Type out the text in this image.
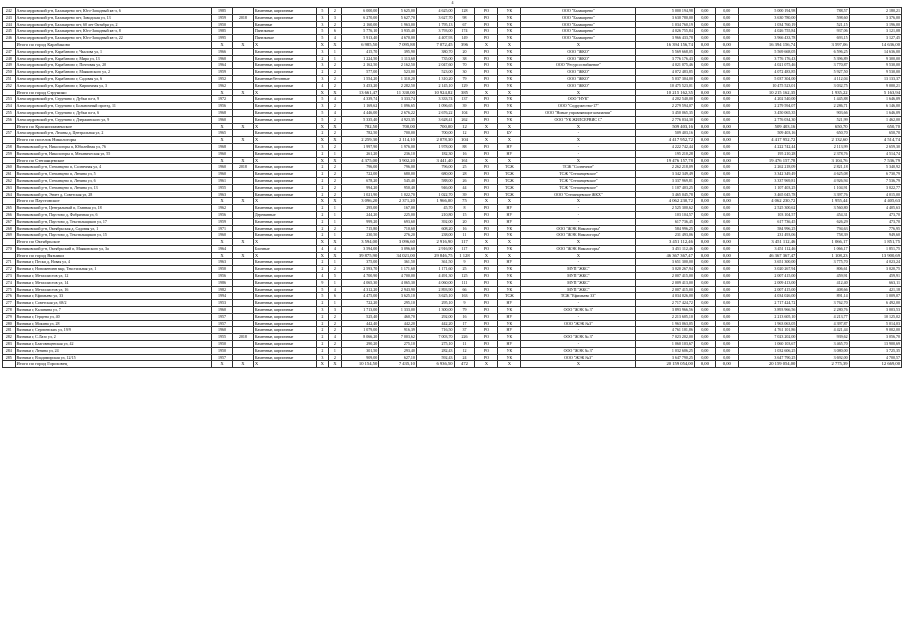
4
242	Александровский р-н, Балакирево пгт, Юго-Западный кв-л, 6	1985		Каменные, кирпичные	5	2	6 000,00	5 625,00	4 625,00	128	РО	УК	ООО "Балакирево"	5 000 194,98	0,00	0,00	5 000 194,98	788,57	2 180,21
243	Александровский р-н, Балакирево пгт, Заводская ул, 13	1959	2018	Каменные, кирпичные	3	3	6 270,00	5 627,70	3 627,70	98	РО	УК	ООО "Балакирево"	3 630 780,00	0,00	0,00	3 630 780,00	598,60	3 376,00
244	Александровский р-н, Балакирево пгт, 60 лет Октября ул, 2	1950		Каменные	3	2	2 160,00	1 963,00	1 795,13	67	РО	УК	ООО "Балакирево"	1 034 760,19	0,00	0,00	1 034 760,19	521,15	3 196,00
245	Александровский р-н, Балакирево пгт, Юго-Западный кв-л, 8	1985		Панельные	5	6	5 776,10	3 935,40	3 793,00	174	РО	УК	ООО "Балакирево"	4 026 755,84	0,00	0,00	4 026 755,84	937,06	3 121,08
246	Александровский р-н, Балакирево пгт, Юго-Западный кв-л, 22	1995		Панельные	5	4	5 913,40	4 670,00	4 407,93	149	РО	УК	ООО "Балакирево"	3 966 433,78	0,00	0,00	3 966 433,78	693,15	3 127,45
	Итого по город Карабаново	X	X	X	X	X	6 985,50	7 095,88	7 072,45	396	X	X	X	16 394 156,74	0,00	0,00	16 394 156,74	3 597,06	14 636,00
247	Александровский р-н, Карабаново г, Чкалова ул, 1	1966		Каменные, кирпичные	3	1	415,70	395,90	380,70	20	РО	УК	ООО "ЖКО"	5 569 668,05	0,00	0,00	5 569 668,05	6 596,25	14 636,00
248	Александровский р-н, Карабаново г, Мира ул, 13	1960		Каменные, кирпичные	2	1	1 224,50	1 113,60	735,00	38	РО	УК	ООО "ЖКО"	3 776 176,43	0,00	0,00	3 776 176,43	5 396,89	9 300,00
249	Александровский р-н, Карабаново г, Почтовая ул, 20	1964		Каменные, кирпичные	3	2	2 162,50	2 162,50	2 047,60	70	РО	УК	ООО "Ресурсоснабжение"	4 021 075,46	0,00	0,00	4 021 075,46	3 770,87	9 530,00
250	Александровский р-н, Карабаново г, Маяковского ул, 2	1959		Каменные, кирпичные	2	2	577,00	523,00	523,00	30	РО	УК	ООО "ЖКО"	4 072 483,85	0,00	0,00	4 072 483,85	5 927,50	9 530,00
251	Александровский р-н, Карабаново г, Садовая ул, 6	1952		Каменные/бетонные	3	2	1 554,20	1 310,20	1 310,20	79	РО	УК	ООО "ЖКО"	5 037 304,00	0,00	0,00	5 037 304,00	4 112,04	13 133,37
252	Александровский р-н, Карабаново г, Кирпичная ул, 3	1962		Каменные, кирпичные	4	2	3 453,20	2 282,50	2 145,10	129	РО	УК	ООО "ЖКО"	10 475 523,01	0,00	0,00	10 475 523,01	3 032,75	9 000,21
	Итого по город Струнино	X	X	X	X	X	13 661,47	11 330,00	10 924,82	385	X	X	X	10 215 162,35	0,00	0,00	10 215 162,35	1 935,22	5 163,94
253	Александровский р-н, Струнино г, Дубки пл-а, 9	1972		Каменные, кирпичные	5	4	4 339,74	3 333,74	3 333,74	137	РО	УК	ООО "НУК"	4 202 540,00	0,00	0,00	4 202 540,00	1 445,88	1 646,09
254	Александровский р-н, Струнино г, Больничный проезд, 11	1956		Каменные, кирпичные	3	2	1 169,62	1 096,65	1 096,65	39	РО	УК	ООО "Содружество-17"	2 279 594,07	0,00	0,00	2 279 594,07	2 286,71	6 146,00
255	Александровский р-н, Струнино г, Дубки пл-а, 6	1968		Каменные, кирпичные	5	4	4 446,00	2 676,22	2 676,22	104	РО	УК	ООО "Новые управляющие компании"	3 450 065,35	0,00	0,00	3 450 065,35	903,66	1 646,09
256	Александровский р-н, Струнино г, Дзержинского ул, 9	1960		Каменные, кирпичные	5	2	5 335,40	4 923,35	3 628,41	262	РО	УК	ООО "УК ЖИЛСЕРВИС С"	2 776 034,30	0,00	0,00	2 776 034,30	521,99	1 462,00
	Итого по Краснопламенское	X	X	X	X	X	782,50	700,00	700,00	12	X	X	X	509 403,16	0,00	0,00	509 403,16	650,70	650,70
257	Александровский р-н, Лешны д, Центральная ул, 2	1965		Каменные, кирпичные	2	2	782,50	700,00	700,00	12	РО	БУ	-	509 403,16	0,00	0,00	509 403,16	650,70	650,70
	Итого по поселок Никологоры	X	X	X	X	X	2 259,30	2 114,10	2 078,30	104	X	X	X	4 417 952,72	0,00	0,00	4 417 952,72	2 132,60	4 514,74
258	Вязниковский р-н, Никологоры п, Юбилейная ул, 76	1968		Каменные, кирпичные	3	2	1 997,90	1 976,00	1 978,00	88	РО	НУ	-	4 222 742,44	0,00	0,00	4 222 742,44	2 113,99	2 659,30
259	Вязниковский р-н, Никологоры п, Механическая ул, 55	1960		Каменные, кирпичные	2	1	261,20	236,10	182,30	16	РО	НУ	-	195 210,28	0,00	0,00	195 210,28	2 378,76	4 514,74
	Итого по Степанцевское	X	X	X	X	X	4 375,00	3 902,20	3 441,40	161	X	X	X	19 476 157,78	0,00	0,00	19 476 157,78	3 104,76	7 536,79
260	Вязниковский р-н, Степанцево п, Солнечная ул, 4	1960	2018	Каменные, кирпичные	2	2	796,00	796,00	796,00	25	РО	ТСЖ	ТСЖ "Солнечное"	2 262 218,09	0,00	0,00	2 262 218,09	2 821,18	5 340,92
261	Вязниковский р-н, Степанцево п, Ленина ул, 5	1960		Каменные, кирпичные	2	2	722,00	680,00	680,00	28	РО	ТСЖ	ТСЖ "Степанцевское"	3 342 349,49	0,00	0,00	3 342 349,49	4 625,08	6 730,79
262	Вязниковский р-н, Степанцево п, Ленина ул, 6	1961		Каменные, кирпичные	2	2	678,20	545,40	588,00	26	РО	ТСЖ	ТСЖ "Степанцевское"	3 337 969,81	0,00	0,00	3 337 969,81	4 926,94	7 536,79
263	Вязниковский р-н, Степанцево п, Ленина ул, 13	1955		Каменные, кирпичные	2	2	994,20	950,40	946,00	44	РО	ТСЖ	ТСЖ "Степанцевское"	1 107 403,25	0,00	0,00	1 107 403,25	1 104,91	3 022,77
264	Вязниковский р-н, Этиет д, Советская ул, 28	1963		Каменные, кирпичные	2	2	1 021,90	1 022,70	1 022,70	39	РО	ТСЖ	ООО "Степанцевское ЖКХ"	3 465 045,78	0,00	0,00	3 465 045,78	3 397,76	4 015,00
	Итого по Паустовское	X	X	X	X	X	3 096,20	2 371,20	1 966,00	75	X	X	X	4 062 230,72	0,00	0,00	4 062 230,72	1 955,44	4 405,63
265	Вязниковский р-н, Центральный п, Главная ул, 18	1962		Каменные, кирпичные	2	1	295,00	167,00	45,70	8	РО	НУ	-	2 525 300,62	0,00	0,00	2 525 300,62	3 560,80	4 405,63
266	Вязниковский р-н, Паустово д, Фабричная ул, 6	1956		Деревянные	2	1	244,20	225,00	210,80	15	РО	НУ	-	103 104,57	0,00	0,00	103 104,57	454,31	473,70
267	Вязниковский р-н, Паустово д, Текстильщиков ул, 17	1959		Каменные, кирпичные	2	1	999,20	693,60	392,00	20	РО	НУ	-	617 736,45	0,00	0,00	617 736,45	626,29	473,70
268	Вязниковский р-н, Октябрьская д, Садовая ул, 1	1971		Каменные, кирпичные	2	2	715,80	710,60	608,20	16	РО	УК	ООО "ЖЭК Никологоры"	584 996,25	0,00	0,00	584 996,25	794,63	776,95
269	Вязниковский р-н, Паустово д, Текстильщиков ул, 15	1960		Каменные, кирпичные	2	1	230,50	276,20	238,00	11	РО	УК	ООО "ЖЭК Никологоры"	231 493,06	0,00	0,00	231 493,06	758,39	949,60
	Итого по Октябрьское	X	X	X	X	X	3 594,00	3 096,60	2 916,90	117	X	X	X	3 451 112,46	0,00	0,00	3 451 112,46	1 066,17	1 851,75
270	Вязниковский р-н, Октябрьский п, Маяковского ул, 3а	1964		Блочные	4	4	3 594,00	3 096,60	2 916,90	117	РО	УК	ООО "ЖЭК Никологоры"	3 451 112,46	0,00	0,00	3 451 112,46	1 066,17	1 851,75
	Итого по город Вязники	X	X	X	X	X	39 875,90	34 021,00	29 846,75	1 128	X	X	X	46 367 367,47	0,00	0,00	46 367 367,47	1 108,23	13 900,69
271	Вязники г, Пески д, Новая ул, 4	1963		Каменные, кирпичные	2	1	375,00	361,50	361,50	9	РО	НУ	-	3 651 300,00	0,00	0,00	3 651 300,00	3 775,70	4 023,24
272	Вязники г, Новоженинн мкр, Текстильная ул, 1	1950		Каменные, кирпичные	2	2	2 593,70	1 171,60	1 171,60	25	РО	УК	МУП "ЖКС"	3 020 267,94	0,00	0,00	3 020 267,94	806,61	3 020,75
273	Вязники г, Металлистов ул, 12	1956		Каменные, кирпичные	4	5	4 700,90	4 700,00	4 491,30	125	РО	УК	МУП "ЖКС"	2 007 415,00	0,00	0,00	2 007 415,00	459,91	459,91
274	Вязники г, Металлистов ул, 14	1986		Каменные, кирпичные	9	1	4 065,30	4 065,30	4 060,00	111	РО	УК	МУП "ЖКС"	2 009 413,00	0,00	0,00	2 009 413,00	412,40	663,11
275	Вязники г, Металлистов ул, 16	1982		Каменные, кирпичные	5	4	4 312,20	2 943,90	2 893,90	66	РО	УК	МУП "ЖКС"	2 007 415,00	0,00	0,00	2 007 415,00	408,66	421,18
276	Вязники г, Ефимьево ул, 33	1994		Каменные, кирпичные	5	6	4 475,00	3 625,10	3 625,10	163	РО	ТСЖ	ТСЖ "Ефимьево 33"	4 034 026,00	0,00	0,00	4 034 026,00	891,14	1 009,07
277	Вязники г, Советская ул, 68/2	1953		Каменные, кирпичные	2	1	722,20	295,10	295,10	9	РО	НУ	-	2 717 424,72	0,00	0,00	2 717 424,72	3 762,70	6 492,00
278	Вязники г, Калинина ул, 7	1960		Каменные, кирпичные	3	3	1 713,00	1 333,00	1 300,00	79	РО	УК	ООО "ЖЭК № 3"	3 893 966,56	0,00	0,00	3 893 966,56	2 280,76	3 003,53
279	Вязники г, Герцена ул, 40	1957		Каменные, кирпичные	2	2	525,40	460,70	292,00	16	РО	НУ	-	2 213 605,10	0,00	0,00	2 213 605,10	4 213,77	10 125,02
280	Вязники г, Мокина ул, 28	1957		Каменные, кирпичные	2	2	442,40	442,20	442,20	17	РО	УК	ООО "ЖЭК №3"	1 963 063,05	0,00	0,00	1 963 063,05	4 397,87	5 014,03
281	Вязники г, Сергиевских ул, 19/9	1960		Каменные, кирпичные	2	2	1 079,00	916,39	716,50	37	РО	НУ	-	4 761 101,86	0,00	0,00	4 761 101,86	4 421,44	9 002,00
282	Вязники г, С.Лазо ул, 2	1955	2018	Каменные, кирпичные	2	4	8 066,20	7 003,62	7 003,70	226	РО	УК	ООО "ЖЭК № 3"	7 023 202,00	0,00	0,00	7 023 202,00	939,62	3 056,70
283	Вязники г, Благовещенская ул, 42	1950		Каменные, кирпичные	2	2	290,20	275,10	275,10	11	РО	НУ	-	1 060 103,67	0,00	0,00	1 060 103,67	3 465,70	13 900,69
284	Вязники г, Ленина ул, 24	1950		Каменные, кирпичные	2	1	301,50	293,40	282,43	12	РО	УК	ООО "ЖЭК № 3"	1 032 606,25	0,00	0,00	1 032 606,25	3 080,00	3 725,35
285	Вязники г, Владимирская ул, 12/15	1957		Каменные, кирпичные	3	2	909,00	627,10	592,43	24	РО	УК	ООО "ЖЭК №3"	3 647 790,25	0,00	0,00	3 647 790,25	3 692,00	4 700,57
	Итого по город Гороховец	X	X	X	X	X	10 154,50	7 435,10	6 936,50	472	X	X	X	20 159 054,00	0,00	0,00	20 159 054,00	2 775,39	12 669,00
